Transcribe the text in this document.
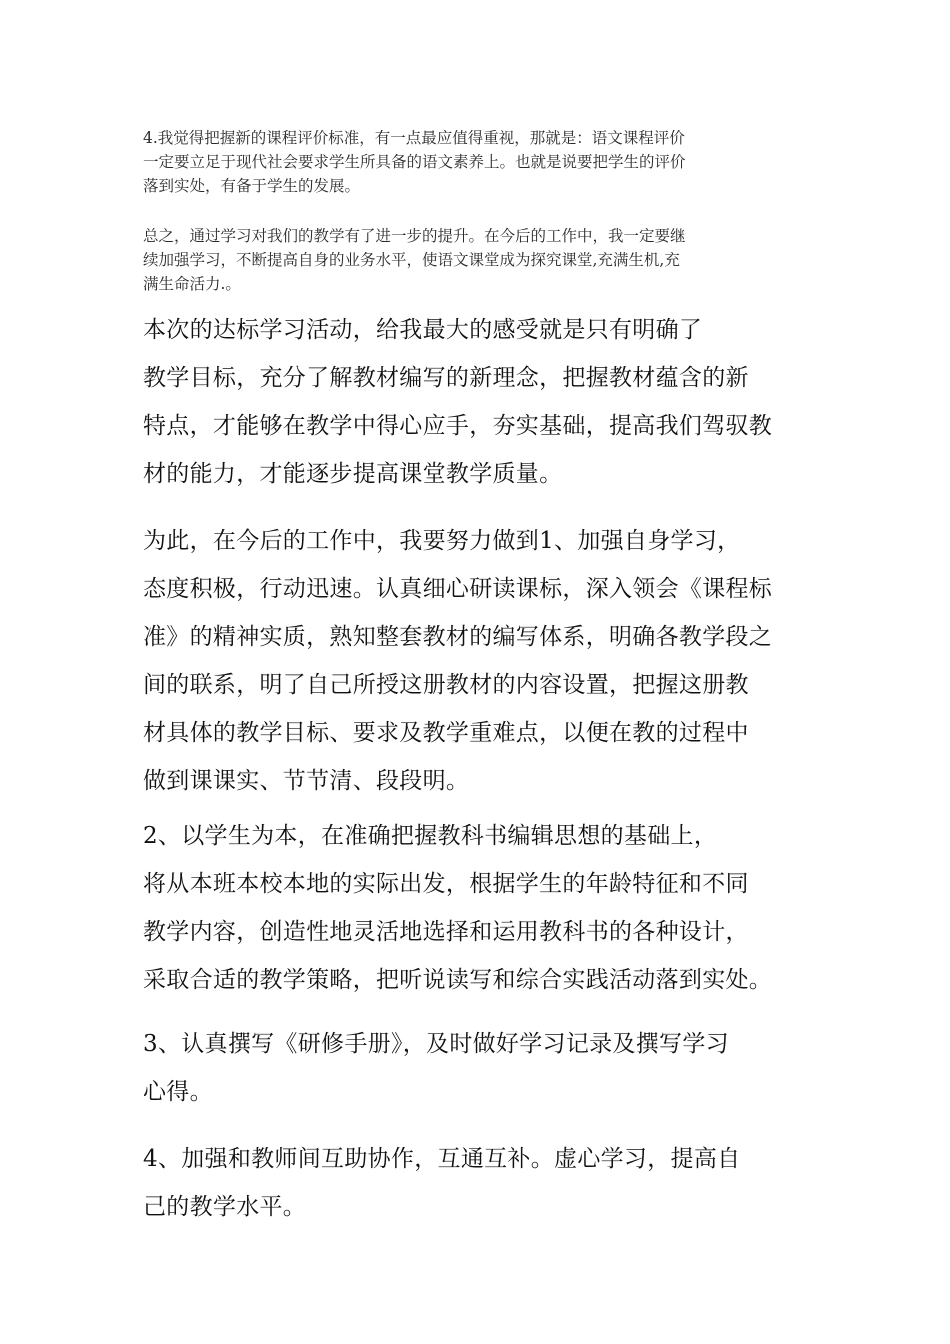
4.我觉得把握新的课程评价标准，有一点最应值得重视，那就是：语文课程评价
一定要立足于现代社会要求学生所具备的语文素养上。也就是说要把学生的评价
落到实处，有备于学生的发展。

总之，通过学习对我们的教学有了进一步的提升。在今后的工作中，我一定要继
续加强学习，不断提高自身的业务水平，使语文课堂成为探究课堂,充满生机,充
满生命活力.。

本次的达标学习活动，给我最大的感受就是只有明确了
教学目标，充分了解教材编写的新理念，把握教材蕴含的新
特点，才能够在教学中得心应手，夯实基础，提高我们驾驭教
材的能力，才能逐步提高课堂教学质量。

为此，在今后的工作中，我要努力做到1、加强自身学习，
态度积极，行动迅速。认真细心研读课标，深入领会《课程标
准》的精神实质，熟知整套教材的编写体系，明确各教学段之
间的联系，明了自己所授这册教材的内容设置，把握这册教
材具体的教学目标、要求及教学重难点，以便在教的过程中
做到课课实、节节清、段段明。

2、以学生为本，在准确把握教科书编辑思想的基础上，
将从本班本校本地的实际出发，根据学生的年龄特征和不同
教学内容，创造性地灵活地选择和运用教科书的各种设计，
采取合适的教学策略，把听说读写和综合实践活动落到实处。

3、认真撰写《研修手册》，及时做好学习记录及撰写学习
心得。

4、加强和教师间互助协作，互通互补。虚心学习，提高自
己的教学水平。
